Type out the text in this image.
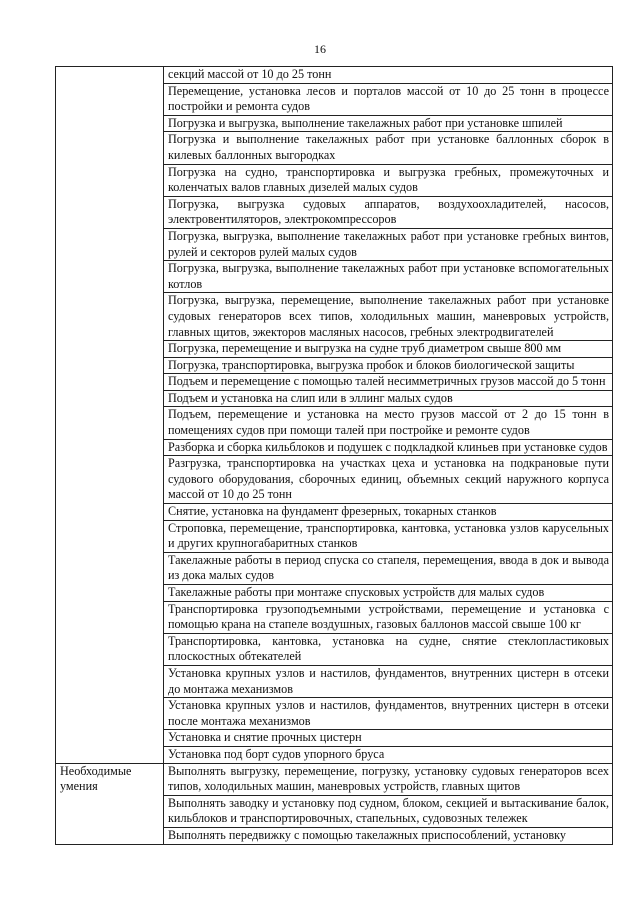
16
	секций массой от 10 до 25 тонн
	Перемещение, установка лесов и порталов массой от 10 до 25 тонн в процессе постройки и ремонта судов
	Погрузка и выгрузка, выполнение такелажных работ при установке шпилей
	Погрузка и выполнение такелажных работ при установке баллонных сборок в килевых баллонных выгородках
	Погрузка на судно, транспортировка и выгрузка гребных, промежуточных и коленчатых валов главных дизелей малых судов
	Погрузка, выгрузка судовых аппаратов, воздухоохладителей, насосов, электровентиляторов, электрокомпрессоров
	Погрузка, выгрузка, выполнение такелажных работ при установке гребных винтов, рулей и секторов рулей малых судов
	Погрузка, выгрузка, выполнение такелажных работ при установке вспомогательных котлов
	Погрузка, выгрузка, перемещение, выполнение такелажных работ при установке судовых генераторов всех типов, холодильных машин, маневровых устройств, главных щитов, эжекторов масляных насосов, гребных электродвигателей
	Погрузка, перемещение и выгрузка на судне труб диаметром свыше 800 мм
	Погрузка, транспортировка, выгрузка пробок и блоков биологической защиты
	Подъем и перемещение с помощью талей несимметричных грузов массой до 5 тонн
	Подъем и установка на слип или в эллинг малых судов
	Подъем, перемещение и установка на место грузов массой от 2 до 15 тонн в помещениях судов при помощи талей при постройке и ремонте судов
	Разборка и сборка кильблоков и подушек с подкладкой клиньев при установке судов
	Разгрузка, транспортировка на участках цеха и установка на подкрановые пути судового оборудования, сборочных единиц, объемных секций наружного корпуса массой от 10 до 25 тонн
	Снятие, установка на фундамент фрезерных, токарных станков
	Строповка, перемещение, транспортировка, кантовка, установка узлов карусельных и других крупногабаритных станков
	Такелажные работы в период спуска со стапеля, перемещения, ввода в док и вывода из дока малых судов
	Такелажные работы при монтаже спусковых устройств для малых судов
	Транспортировка грузоподъемными устройствами, перемещение и установка с помощью крана на стапеле воздушных, газовых баллонов массой свыше 100 кг
	Транспортировка, кантовка, установка на судне, снятие стеклопластиковых плоскостных обтекателей
	Установка крупных узлов и настилов, фундаментов, внутренних цистерн в отсеки до монтажа механизмов
	Установка крупных узлов и настилов, фундаментов, внутренних цистерн в отсеки после монтажа механизмов
	Установка и снятие прочных цистерн
	Установка под борт судов упорного бруса
Необходимые умения	Выполнять выгрузку, перемещение, погрузку, установку судовых генераторов всех типов, холодильных машин, маневровых устройств, главных щитов
	Выполнять заводку и установку под судном, блоком, секцией и вытаскивание балок, кильблоков и транспортировочных, стапельных, судовозных тележек
	Выполнять передвижку с помощью такелажных приспособлений, установку
